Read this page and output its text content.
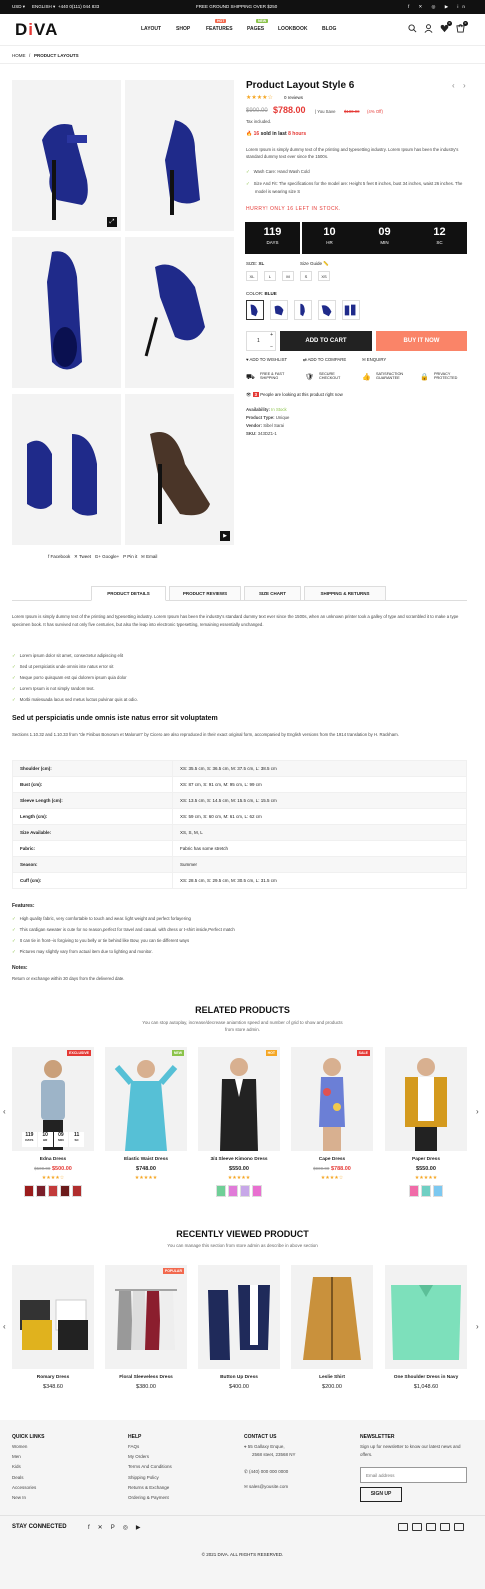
USD ▾ ENGLISH ▾ +440 0(111) 044 833	FREE GROUND SHIPPING OVER $250	f ✕ ◎ ▶ in
DiVA	LAYOUT	SHOP	FEATURES
HOT
PAGES
NEW
LOOKBOOK	BLOG
0	0
HOME / PRODUCT LAYOUTS
⤢
▶
f Facebook ✕ Tweet G+ Google+ P Pin it ✉ Email
Product Layout Style 6	‹ ›
★★★★☆ 0 reviews
$900.00 $788.00 | You Save $180.00 (4% Off)
Tax included.
🔥 16 sold in last 8 hours
Lorem Ipsum is simply dummy text of the printing and typesetting industry. Lorem Ipsum has been the industry's standard dummy text ever since the 1500s.
✓ Wash Care: Hand Wash Cold
✓ Size And Fit: The specifications for the model are: Height 5 feet 8 inches, bust 34 inches, waist 26 inches. The model is wearing size S
HURRY! ONLY 16 LEFT IN STOCK.
119
DAYS
10
HR
09
MIN
12
SC
SIZE: XL	Size Guide 📏
XL	L	M	S	XS
COLOR: BLUE
1
+
−
ADD TO CART	BUY IT NOW
♥ ADD TO WISHLIST	⇄ ADD TO COMPARE	✉ ENQUIRY
⛟ FREE & FAST SHIPPING	🛡 SECURE CHECKOUT	👍 SATISFACTION GUARANTEE	🔒 PRIVACY PROTECTED
👁 3 People are looking at this product right now
Availability: In Stock
Product Type: Unique
Vendor: Sibel Sarai
SKU: 343DZ1-1
PRODUCT DETAILS	PRODUCT REVIEWS	SIZE CHART	SHIPPING & RETURNS
Lorem Ipsum is simply dummy text of the printing and typesetting industry. Lorem Ipsum has been the industry's standard dummy text ever since the 1500s, when an unknown printer took a galley of type and scrambled it to make a type specimen book. It has survived not only five centuries, but also the leap into electronic typesetting, remaining essentially unchanged.
✓ Lorem ipsum dolor sit amet, consectetur adipiscing elit
✓ Sed ut perspiciatis unde omnis iste natus error sit
✓ Neque porro quisquam est qui dolorem ipsum quia dolor
✓ Lorem Ipsum is not simply random text.
✓ Morbi malesuada lacus sed metus luctus pulvinar quis at odio.
Sed ut perspiciatis unde omnis iste natus error sit voluptatem
Sections 1.10.32 and 1.10.33 from "de Finibus Bonorum et Malorum" by Cicero are also reproduced in their exact original form, accompanied by English versions from the 1914 translation by H. Rackham.
Shoulder (cm):	XS: 35.5 cm, S: 36.5 cm, M: 37.5 cm, L: 38.5 cm
Bust (cm):	XS: 87 cm, S: 91 cm, M: 95 cm, L: 99 cm
Sleeve Length (cm):	XS: 13.5 cm, S: 14.5 cm, M: 15.5 cm, L: 15.5 cm
Length (cm):	XS: 59 cm, S: 60 cm, M: 61 cm, L: 62 cm
Size Available:	XS, S, M, L
Fabric:	Fabric has some stretch
Season:	Summer
Cuff (cm):	XS: 28.5 cm, S: 29.5 cm, M: 30.5 cm, L: 31.5 cm
Features:
✓ High quality fabric, very comfortable to touch and wear. light weight and perfect forlayering
✓ This cardigan sweater is cute for no reason,perfect for travel and casual. with dress or t-shirt inside,Perfect match
✓ It can tie in front--is forgiving to you belly or tie behind like Bow, you can tie different ways
✓ Pictures may slightly vary from actual item due to lighting and monitor.
Notes:
Return or exchange within 30 days from the delivered date.
RELATED PRODUCTS
You can stop autoplay, increase/decrease aniamtion speed and number of grid to show and products from store admin.
‹	›
EXCLUSIVE
119
DAYS
10
HR
09
MIN
11
SC
Edna Dress
$500.00 $500.00
★★★★☆
NEW
Elastic Waist Dress
$748.00
★★★★★
HOT
3/4 Sleeve Kimono Dress
$550.00
★★★★★
SALE
Cape Dress
$900.00 $788.00
★★★★☆
Paper Dress
$550.00
★★★★★
RECENTLY VIEWED PRODUCT
You can manage this section from store admin as describe in above section
‹	›
Romary Dress
$348.60
POPULAR
Floral Sleeveless Dress
$380.00
Button Up Dress
$400.00
Leslie Shirt
$200.00
One Shoulder Dress in Navy
$1,048.60
QUICK LINKS
Women
Men
Kids
Deals
Accessories
New In
HELP
FAQs
My Orders
Terms And Conditions
Shipping Policy
Returns & Exchange
Ordering & Payment
CONTACT US
⌖ 55 Gallaxy Enque,
2568 steet, 23568 NY
✆ (440) 000 000 0000
✉ sales@yousite.com
NEWSLETTER
Sign up for newsletter to know our latest news and offers.
Email address
SIGN UP
STAY CONNECTED	f✕P◎▶
© 2021 DIVA. ALL RIGHTS RESERVED.
